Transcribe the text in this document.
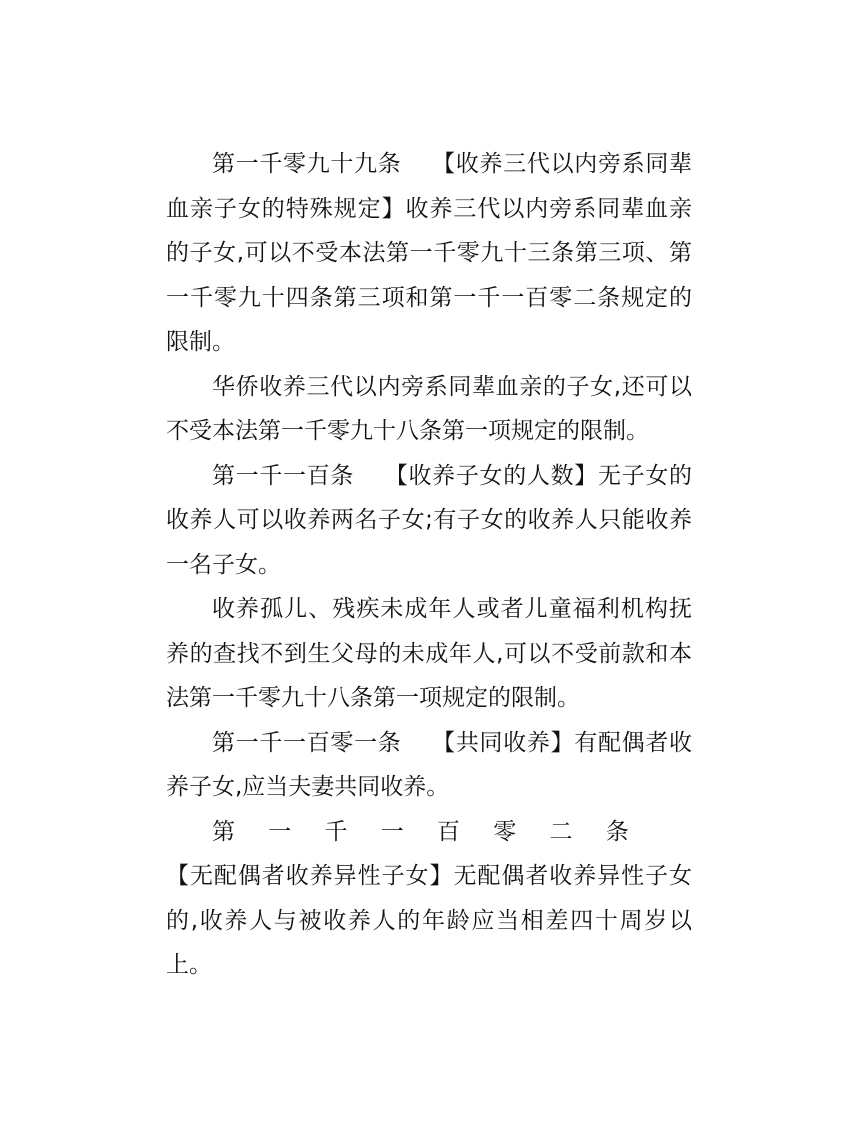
第一千零九十九条 【收养三代以内旁系同辈血亲子女的特殊规定】收养三代以内旁系同辈血亲的子女,可以不受本法第一千零九十三条第三项、第一千零九十四条第三项和第一千一百零二条规定的限制。

华侨收养三代以内旁系同辈血亲的子女,还可以不受本法第一千零九十八条第一项规定的限制。

第一千一百条 【收养子女的人数】无子女的收养人可以收养两名子女;有子女的收养人只能收养一名子女。

收养孤儿、残疾未成年人或者儿童福利机构抚养的查找不到生父母的未成年人,可以不受前款和本法第一千零九十八条第一项规定的限制。

第一千一百零一条 【共同收养】有配偶者收养子女,应当夫妻共同收养。

第一千一百零二条【无配偶者收养异性子女】无配偶者收养异性子女的,收养人与被收养人的年龄应当相差四十周岁以上。
